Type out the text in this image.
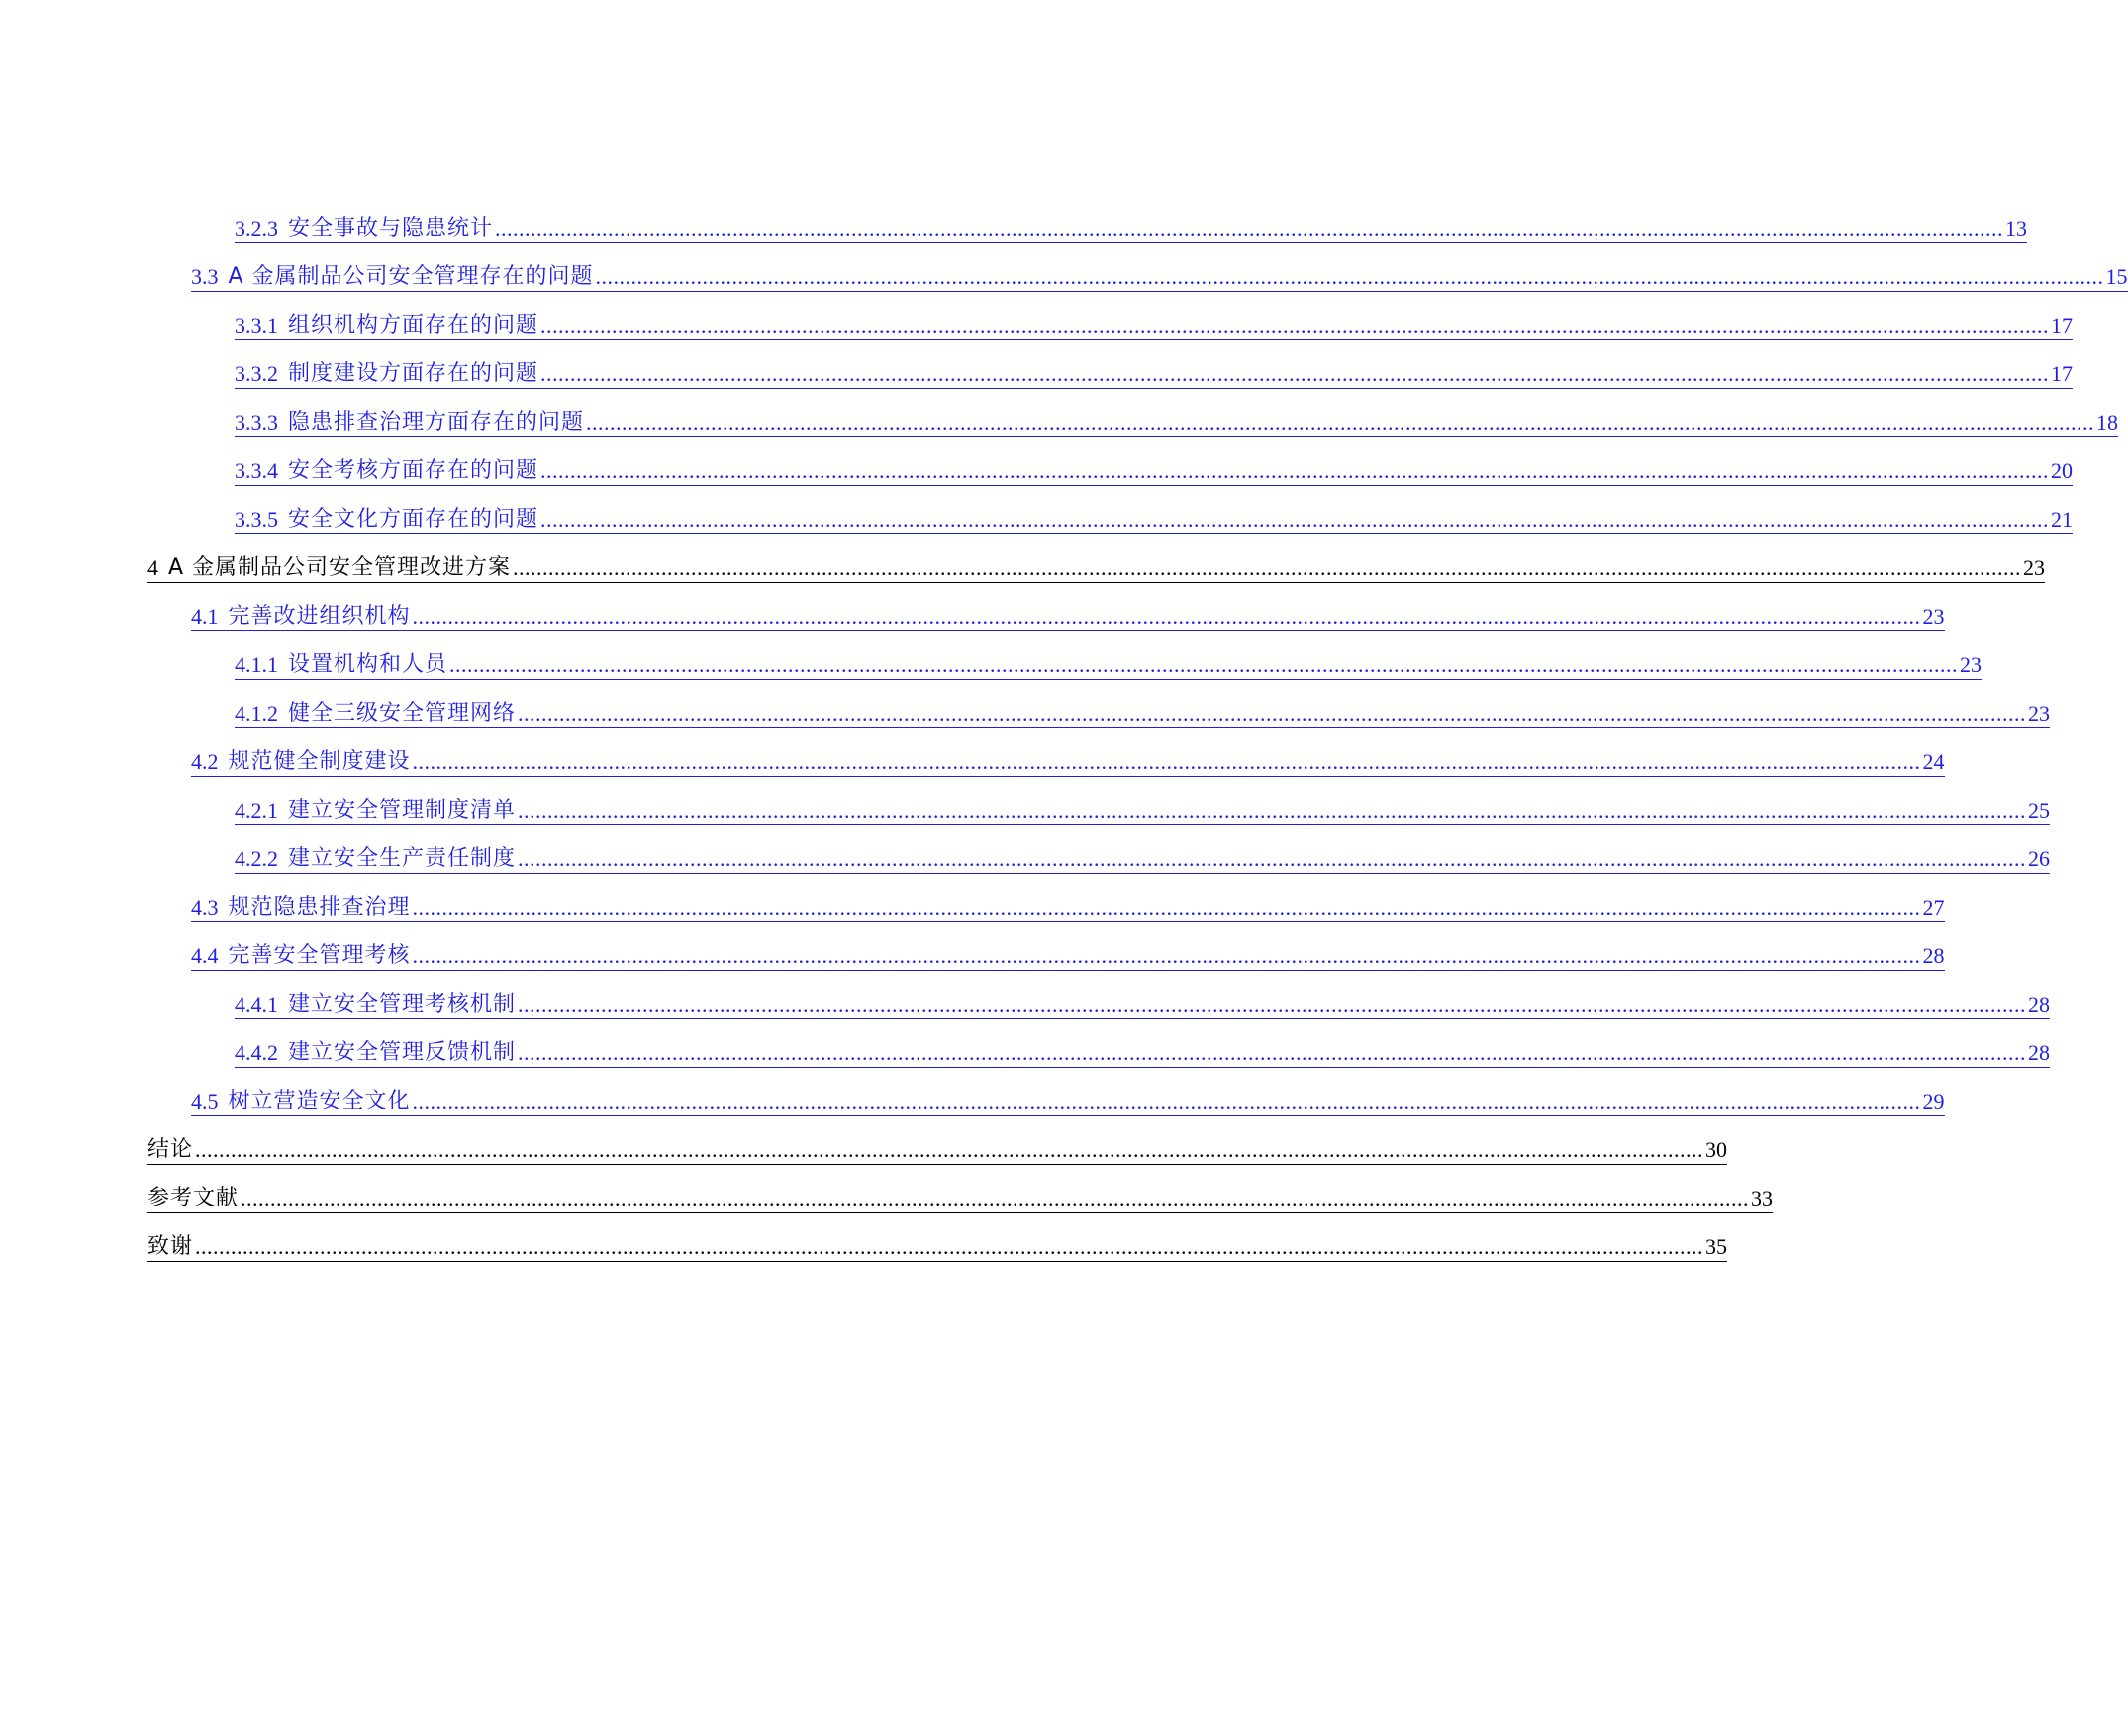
3.2.3 安全事故与隐患统计 .....	13
3.3 A 金属制品公司安全管理存在的问题 .....	15
3.3.1 组织机构方面存在的问题 .....	17
3.3.2 制度建设方面存在的问题 .....	17
3.3.3 隐患排查治理方面存在的问题 .....	18
3.3.4 安全考核方面存在的问题 .....	20
3.3.5 安全文化方面存在的问题 .....	21
4 A 金属制品公司安全管理改进方案 .....	23
4.1 完善改进组织机构 .....	23
4.1.1 设置机构和人员 .....	23
4.1.2 健全三级安全管理网络 .....	23
4.2 规范健全制度建设 .....	24
4.2.1 建立安全管理制度清单 .....	25
4.2.2 建立安全生产责任制度 .....	26
4.3 规范隐患排查治理 .....	27
4.4 完善安全管理考核 .....	28
4.4.1 建立安全管理考核机制 .....	28
4.4.2 建立安全管理反馈机制 .....	28
4.5 树立营造安全文化 .....	29
结论 .....	30
参考文献 .....	33
致谢 .....	35
